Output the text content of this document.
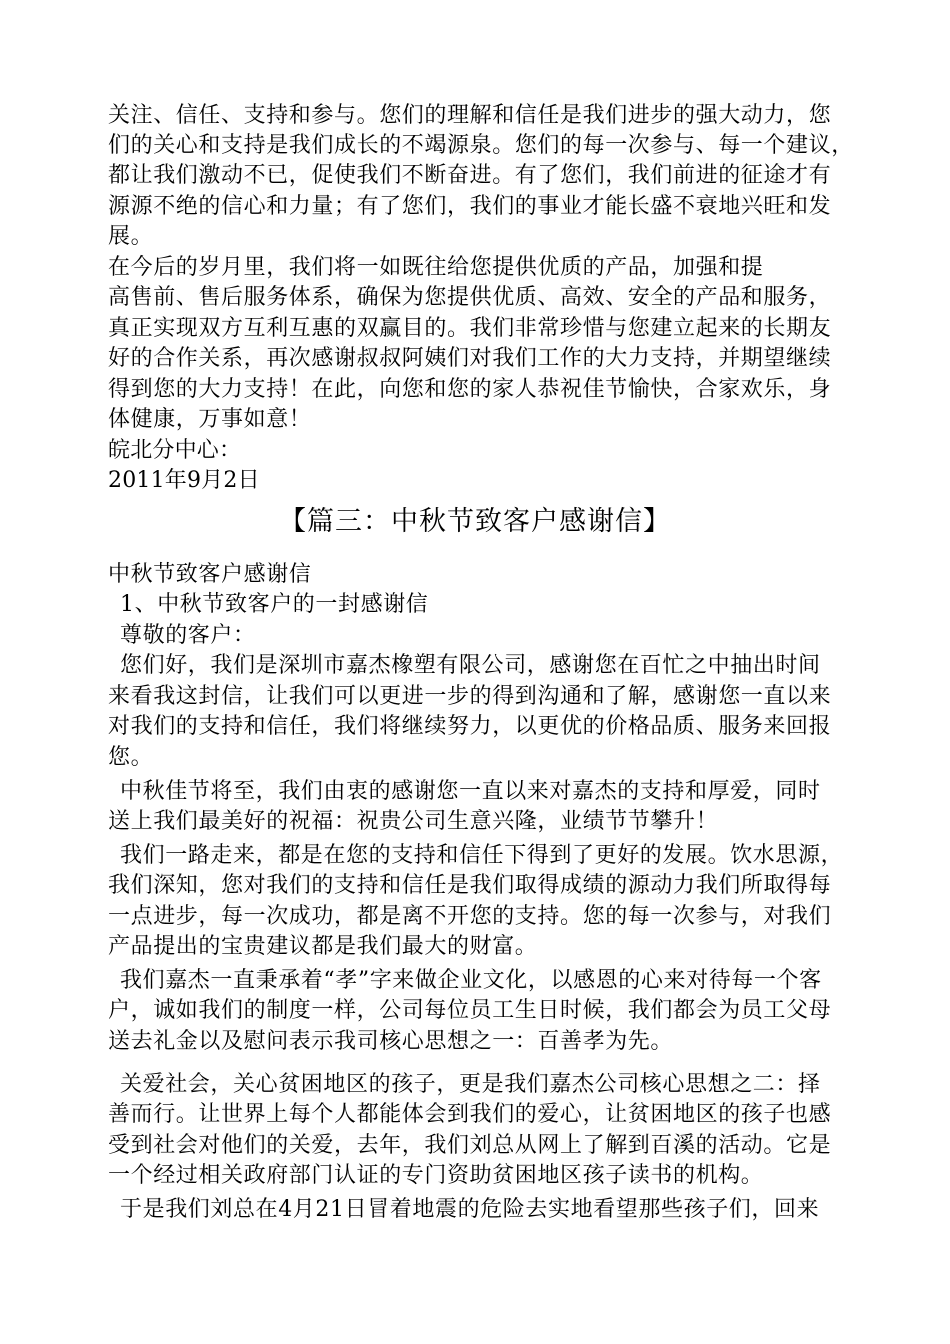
关注、信任、支持和参与。您们的理解和信任是我们进步的强大动力，您

们的关心和支持是我们成长的不竭源泉。您们的每一次参与、每一个建议，

都让我们激动不已，促使我们不断奋进。有了您们，我们前进的征途才有

源源不绝的信心和力量；有了您们，我们的事业才能长盛不衰地兴旺和发

展。

在今后的岁月里，我们将一如既往给您提供优质的产品，加强和提

高售前、售后服务体系，确保为您提供优质、高效、安全的产品和服务，

真正实现双方互利互惠的双赢目的。我们非常珍惜与您建立起来的长期友

好的合作关系，再次感谢叔叔阿姨们对我们工作的大力支持，并期望继续

得到您的大力支持！在此，向您和您的家人恭祝佳节愉快，合家欢乐，身

体健康，万事如意！

皖北分中心：

2011年9月2日

【篇三：中秋节致客户感谢信】

中秋节致客户感谢信

1、中秋节致客户的一封感谢信

尊敬的客户：

您们好，我们是深圳市嘉杰橡塑有限公司，感谢您在百忙之中抽出时间

来看我这封信，让我们可以更进一步的得到沟通和了解，感谢您一直以来

对我们的支持和信任，我们将继续努力，以更优的价格品质、服务来回报

您。

中秋佳节将至，我们由衷的感谢您一直以来对嘉杰的支持和厚爱，同时

送上我们最美好的祝福：祝贵公司生意兴隆，业绩节节攀升！

我们一路走来，都是在您的支持和信任下得到了更好的发展。饮水思源，

我们深知，您对我们的支持和信任是我们取得成绩的源动力我们所取得每

一点进步，每一次成功，都是离不开您的支持。您的每一次参与，对我们

产品提出的宝贵建议都是我们最大的财富。

我们嘉杰一直秉承着“孝”字来做企业文化，以感恩的心来对待每一个客

户，诚如我们的制度一样，公司每位员工生日时候，我们都会为员工父母

送去礼金以及慰问表示我司核心思想之一：百善孝为先。

关爱社会，关心贫困地区的孩子，更是我们嘉杰公司核心思想之二：择

善而行。让世界上每个人都能体会到我们的爱心，让贫困地区的孩子也感

受到社会对他们的关爱，去年，我们刘总从网上了解到百溪的活动。它是

一个经过相关政府部门认证的专门资助贫困地区孩子读书的机构。

于是我们刘总在4月21日冒着地震的危险去实地看望那些孩子们，回来
